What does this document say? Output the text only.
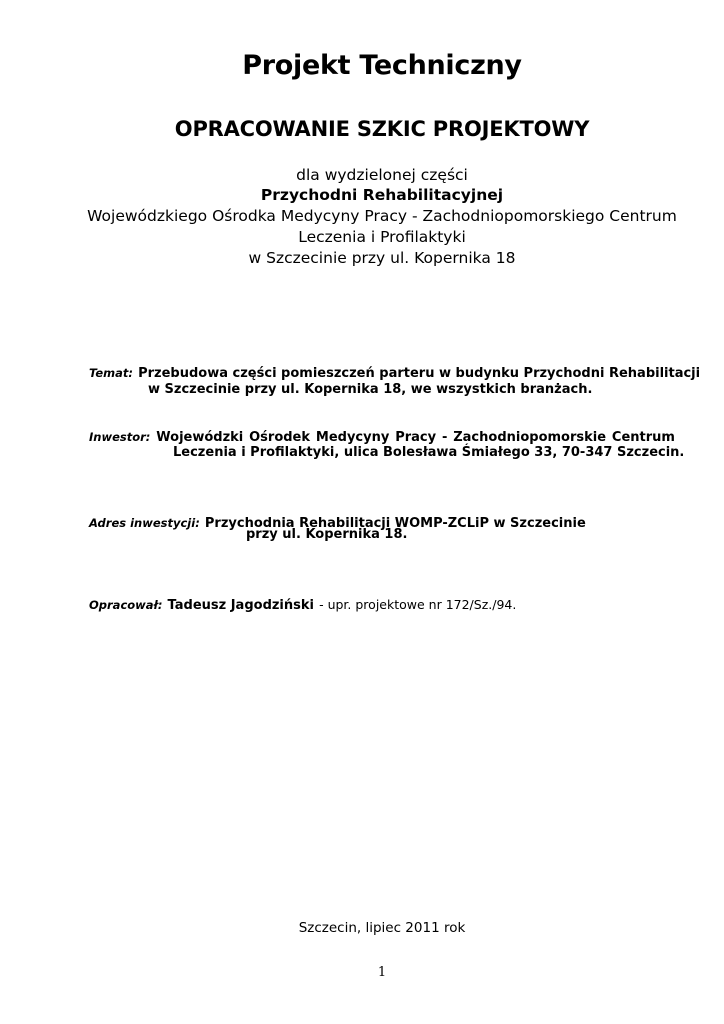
Projekt Techniczny
OPRACOWANIE SZKIC PROJEKTOWY
dla wydzielonej części
Przychodni Rehabilitacyjnej
Wojewódzkiego Ośrodka Medycyny Pracy - Zachodniopomorskiego Centrum
Leczenia i Profilaktyki
w Szczecinie przy ul. Kopernika 18
Temat: Przebudowa części pomieszczeń parteru w budynku Przychodni Rehabilitacji
w Szczecinie przy ul. Kopernika 18, we wszystkich branżach.
Inwestor: Wojewódzki Ośrodek Medycyny Pracy - Zachodniopomorskie Centrum
Leczenia i Profilaktyki, ulica Bolesława Śmiałego 33, 70-347 Szczecin.
Adres inwestycji: Przychodnia Rehabilitacji WOMP-ZCLiP w Szczecinie
przy ul. Kopernika 18.
Opracował: Tadeusz Jagodziński - upr. projektowe nr 172/Sz./94.
Szczecin, lipiec 2011 rok
1
